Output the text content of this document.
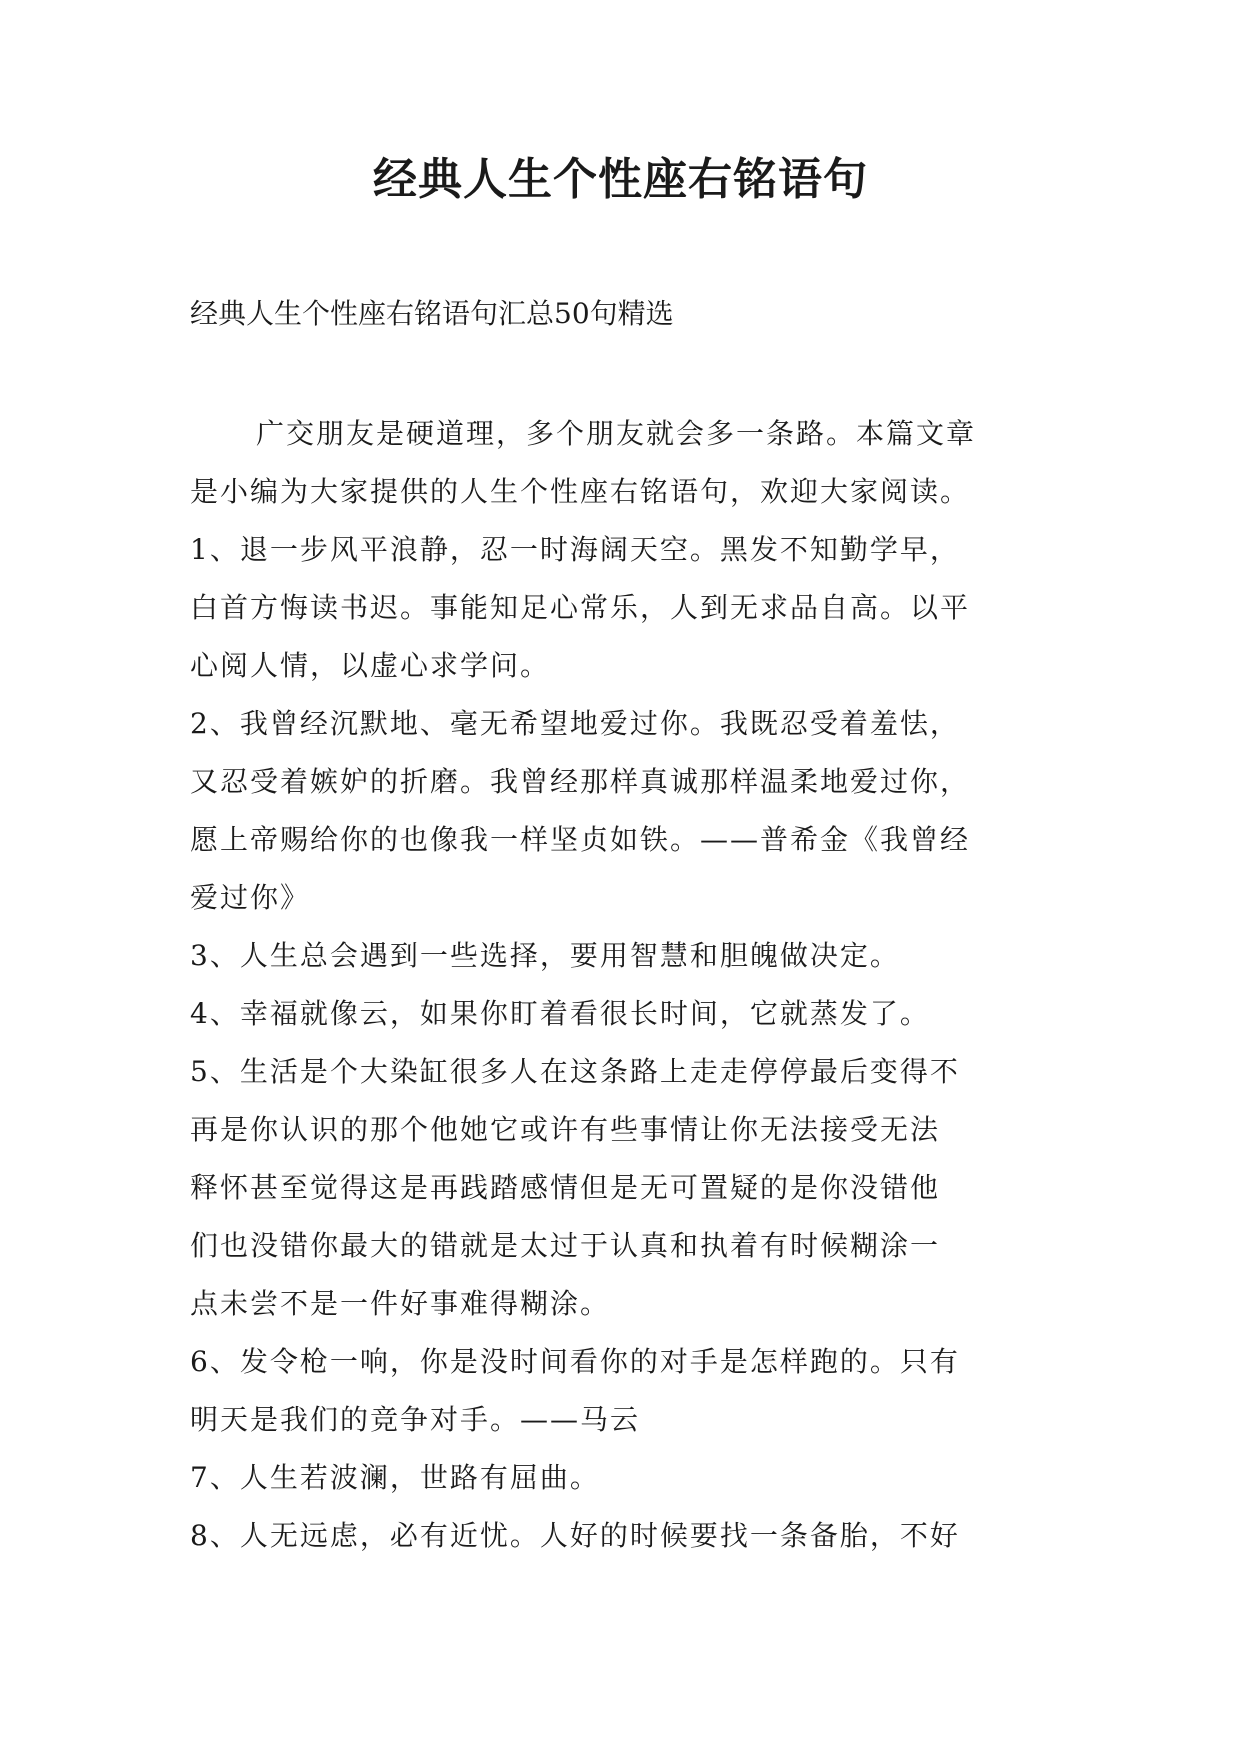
经典人生个性座右铭语句
经典人生个性座右铭语句汇总50句精选
广交朋友是硬道理，多个朋友就会多一条路。本篇文章
是小编为大家提供的人生个性座右铭语句，欢迎大家阅读。
1、退一步风平浪静，忍一时海阔天空。黑发不知勤学早，
白首方悔读书迟。事能知足心常乐，人到无求品自高。以平
心阅人情，以虚心求学问。
2、我曾经沉默地、毫无希望地爱过你。我既忍受着羞怯，
又忍受着嫉妒的折磨。我曾经那样真诚那样温柔地爱过你，
愿上帝赐给你的也像我一样坚贞如铁。——普希金《我曾经
爱过你》
3、人生总会遇到一些选择，要用智慧和胆魄做决定。
4、幸福就像云，如果你盯着看很长时间，它就蒸发了。
5、生活是个大染缸很多人在这条路上走走停停最后变得不
再是你认识的那个他她它或许有些事情让你无法接受无法
释怀甚至觉得这是再践踏感情但是无可置疑的是你没错他
们也没错你最大的错就是太过于认真和执着有时候糊涂一
点未尝不是一件好事难得糊涂。
6、发令枪一响，你是没时间看你的对手是怎样跑的。只有
明天是我们的竞争对手。——马云
7、人生若波澜，世路有屈曲。
8、人无远虑，必有近忧。人好的时候要找一条备胎，不好
